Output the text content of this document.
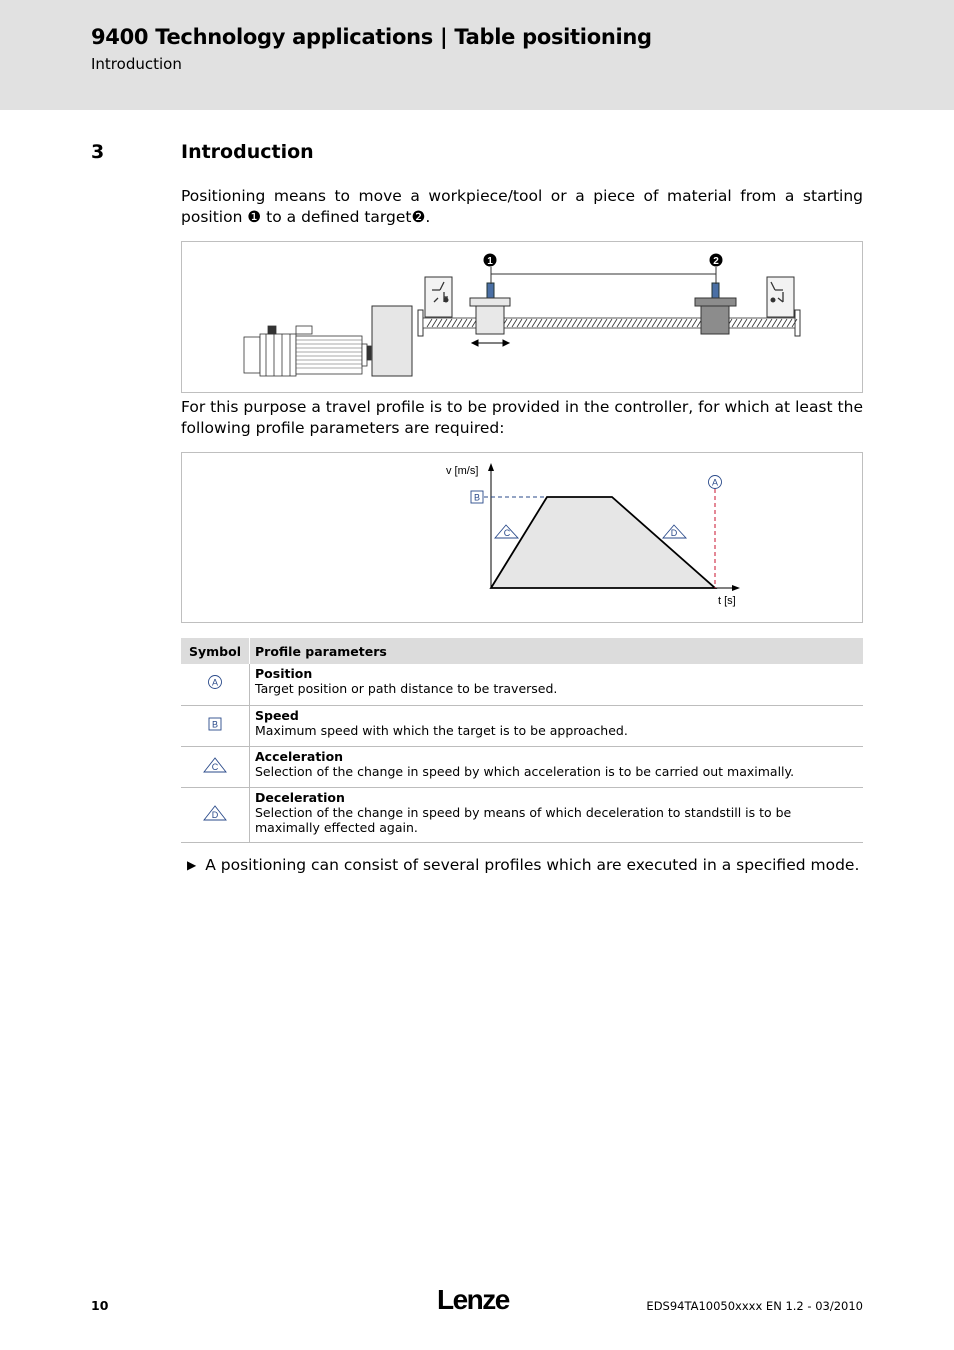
9400 Technology applications | Table positioning
Introduction
3	Introduction
Positioning means to move a workpiece/tool or a piece of material from a starting position ❶ to a defined target❷.
1	2
For this purpose a travel profile is to be provided in the controller, for which at least the following profile parameters are required:
v [m/s]
t [s]
A
B
C	D
Symbol	Profile parameters

A	Position
Target position or path distance to be traversed.

B	Speed
Maximum speed with which the target is to be approached.

C	Acceleration
Selection of the change in speed by which acceleration is to be carried out maximally.

D	Deceleration
Selection of the change in speed by means of which deceleration to standstill is to be maximally effected again.
▶ A positioning can consist of several profiles which are executed in a specified mode.
10	Lenze	EDS94TA10050xxxx EN 1.2 - 03/2010
